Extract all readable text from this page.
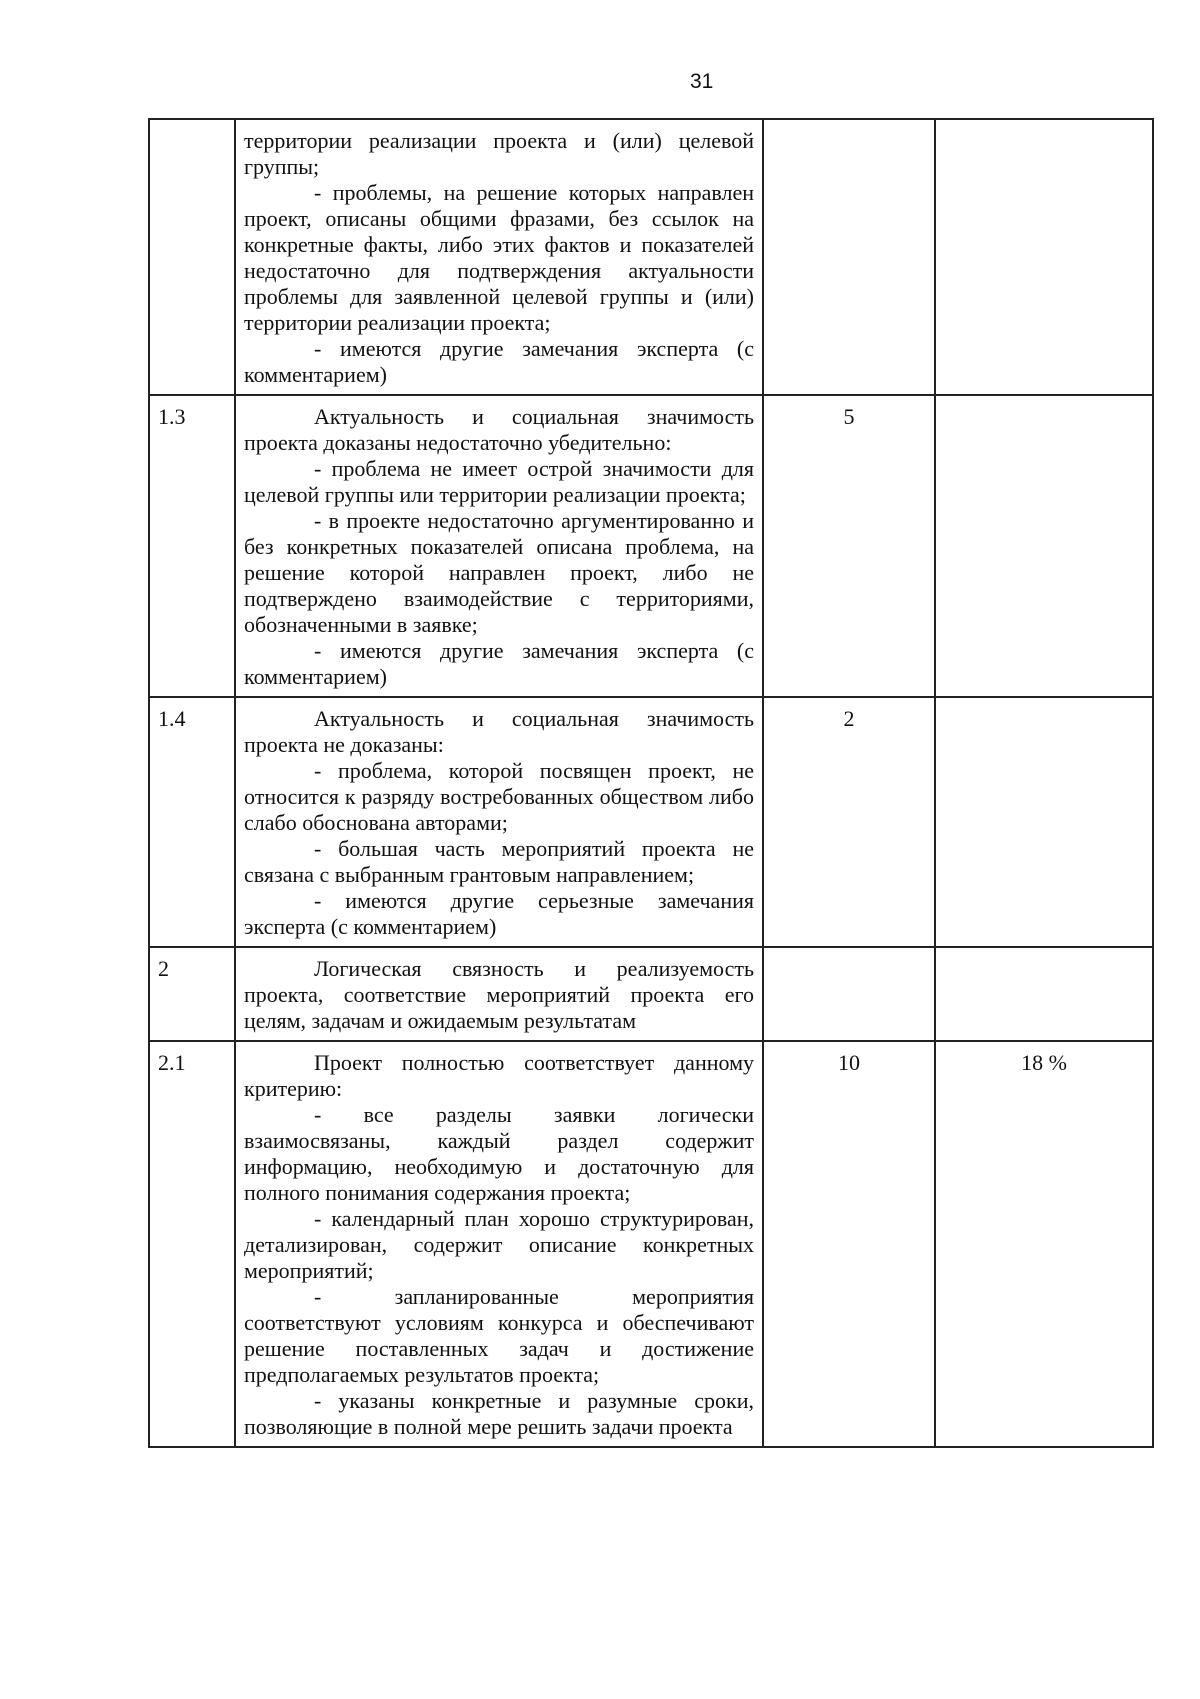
31

	территории реализации проекта и (или) целевой группы;

- проблемы, на решение которых направлен проект, описаны общими фразами, без ссылок на конкретные факты, либо этих фактов и показателей недостаточно для подтверждения актуальности проблемы для заявленной целевой группы и (или) территории реализации проекта;

- имеются другие замечания эксперта (с комментарием)		

1.3	Актуальность и социальная значимость проекта доказаны недостаточно убедительно:

- проблема не имеет острой значимости для целевой группы или территории реализации проекта;

- в проекте недостаточно аргументированно и без конкретных показателей описана проблема, на решение которой направлен проект, либо не подтверждено взаимодействие с территориями, обозначенными в заявке;

- имеются другие замечания эксперта (с комментарием)	5	
1.4	Актуальность и социальная значимость проекта не доказаны:

- проблема, которой посвящен проект, не относится к разряду востребованных обществом либо слабо обоснована авторами;

- большая часть мероприятий проекта не связана с выбранным грантовым направлением;

- имеются другие серьезные замечания эксперта (с комментарием)	2	
2	Логическая связность и реализуемость проекта, соответствие мероприятий проекта его целям, задачам и ожидаемым результатам		

2.1	Проект полностью соответствует данному критерию:

- все разделы заявки логически взаимосвязаны, каждый раздел содержит информацию, необходимую и достаточную для полного понимания содержания проекта;

- календарный план хорошо структурирован, детализирован, содержит описание конкретных мероприятий;

- запланированные мероприятия соответствуют условиям конкурса и обеспечивают решение поставленных задач и достижение предполагаемых результатов проекта;

- указаны конкретные и разумные сроки, позволяющие в полной мере решить задачи проекта	10	18 %
